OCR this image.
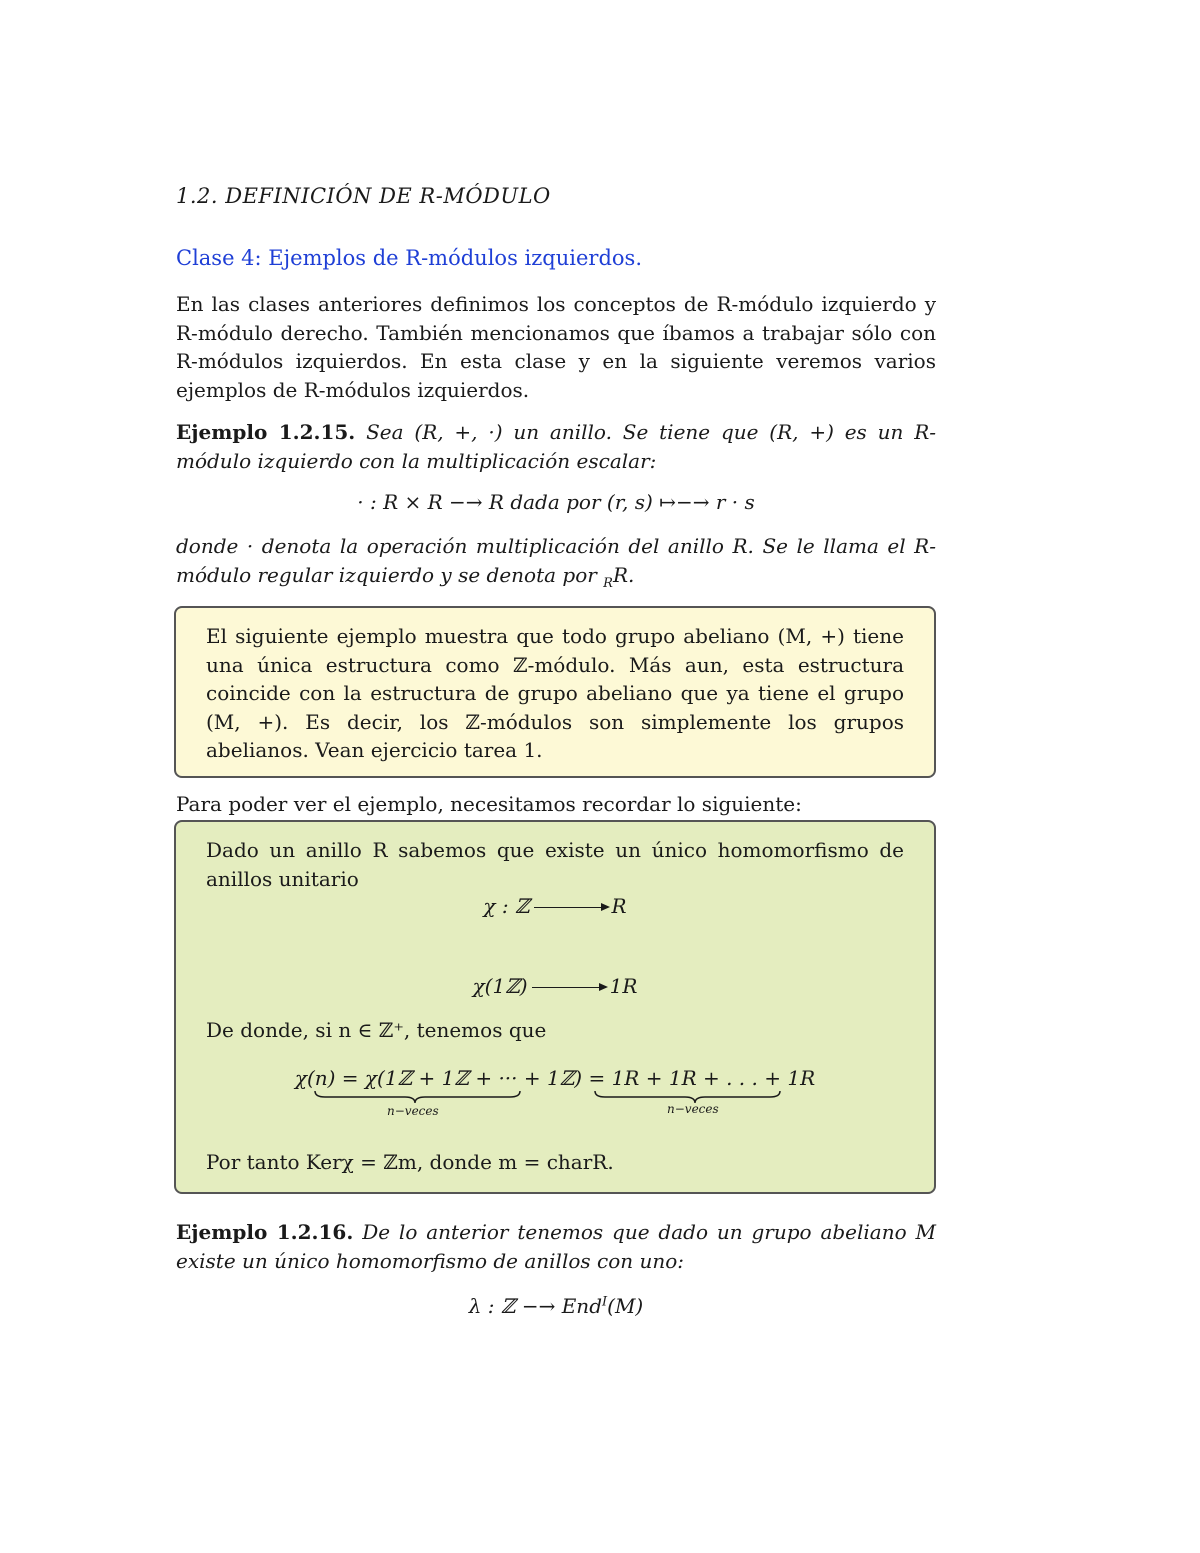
1.2. DEFINICIÓN DE R-MÓDULO
Clase 4: Ejemplos de R-módulos izquierdos.

En las clases anteriores definimos los conceptos de R-módulo izquierdo y R-módulo derecho. También mencionamos que íbamos a trabajar sólo con R-módulos izquierdos. En esta clase y en la siguiente veremos varios ejemplos de R-módulos izquierdos.

Ejemplo 1.2.15. Sea (R, +, ·) un anillo. Se tiene que (R, +) es un R-módulo izquierdo con la multiplicación escalar:

· : R × R −→ R dada por (r, s) ↦−→ r · s

donde · denota la operación multiplicación del anillo R. Se le llama el R-módulo regular izquierdo y se denota por $_R$R.

El siguiente ejemplo muestra que todo grupo abeliano (M, +) tiene una única estructura como ℤ-módulo. Más aun, esta estructura coincide con la estructura de grupo abeliano que ya tiene el grupo (M, +). Es decir, los ℤ-módulos son simplemente los grupos abelianos. Vean ejercicio tarea 1.

Para poder ver el ejemplo, necesitamos recordar lo siguiente:

Dado un anillo R sabemos que existe un único homomorfismo de anillos unitario

χ : ℤ	R
χ(1ℤ)	1R

De donde, si n ∈ ℤ⁺, tenemos que

χ(n) = χ(1ℤ + 1ℤ + ··· + 1ℤ) = 1R + 1R + . . . + 1R
n−veces	n−veces

Por tanto Kerχ = ℤm, donde m = charR.

Ejemplo 1.2.16. De lo anterior tenemos que dado un grupo abeliano M existe un único homomorfismo de anillos con uno:

λ : ℤ −→ End$^I$(M)
